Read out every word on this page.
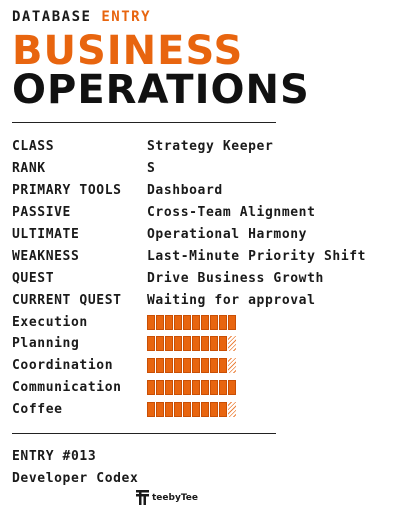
DATABASE ENTRY
BUSINESS
OPERATIONS
CLASS	Strategy Keeper
RANK	S
PRIMARY TOOLS	Dashboard
PASSIVE	Cross-Team Alignment
ULTIMATE	Operational Harmony
WEAKNESS	Last-Minute Priority Shift
QUEST	Drive Business Growth
CURRENT QUEST	Waiting for approval
Execution
Planning
Coordination
Communication
Coffee
ENTRY #013
Developer Codex
teebyTee
